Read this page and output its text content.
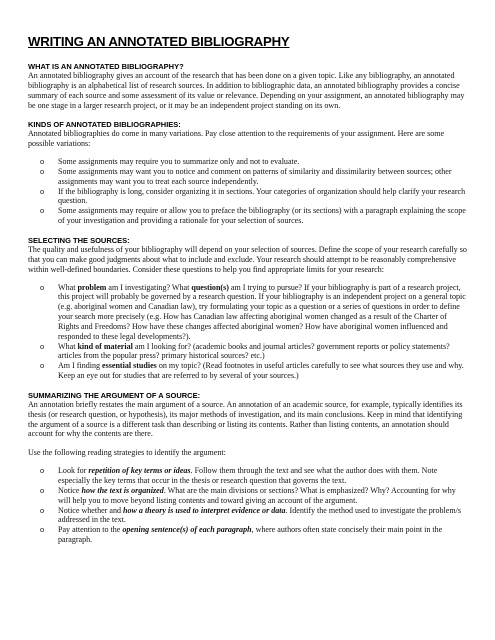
WRITING AN ANNOTATED BIBLIOGRAPHY
WHAT IS AN ANNOTATED BIBLIOGRAPHY?

An annotated bibliography gives an account of the research that has been done on a given topic. Like any bibliography, an annotated bibliography is an alphabetical list of research sources. In addition to bibliographic data, an annotated bibliography provides a concise summary of each source and some assessment of its value or relevance. Depending on your assignment, an annotated bibliography may be one stage in a larger research project, or it may be an independent project standing on its own.

KINDS OF ANNOTATED BIBLIOGRAPHIES:

Annotated bibliographies do come in many variations. Pay close attention to the requirements of your assignment. Here are some possible variations:

o Some assignments may require you to summarize only and not to evaluate.
o Some assignments may want you to notice and comment on patterns of similarity and dissimilarity between sources; other assignments may want you to treat each source independently.
o If the bibliography is long, consider organizing it in sections. Your categories of organization should help clarify your research question.
o Some assignments may require or allow you to preface the bibliography (or its sections) with a paragraph explaining the scope of your investigation and providing a rationale for your selection of sources.
SELECTING THE SOURCES:

The quality and usefulness of your bibliography will depend on your selection of sources. Define the scope of your research carefully so that you can make good judgments about what to include and exclude. Your research should attempt to be reasonably comprehensive within well-defined boundaries. Consider these questions to help you find appropriate limits for your research:

o What problem am I investigating? What question(s) am I trying to pursue? If your bibliography is part of a research project, this project will probably be governed by a research question. If your bibliography is an independent project on a general topic (e.g. aboriginal women and Canadian law), try formulating your topic as a question or a series of questions in order to define your search more precisely (e.g. How has Canadian law affecting aboriginal women changed as a result of the Charter of Rights and Freedoms? How have these changes affected aboriginal women? How have aboriginal women influenced and responded to these legal developments?).
o What kind of material am I looking for? (academic books and journal articles? government reports or policy statements? articles from the popular press? primary historical sources? etc.)
o Am I finding essential studies on my topic? (Read footnotes in useful articles carefully to see what sources they use and why. Keep an eye out for studies that are referred to by several of your sources.)
SUMMARIZING THE ARGUMENT OF A SOURCE:

An annotation briefly restates the main argument of a source. An annotation of an academic source, for example, typically identifies its thesis (or research question, or hypothesis), its major methods of investigation, and its main conclusions. Keep in mind that identifying the argument of a source is a different task than describing or listing its contents. Rather than listing contents, an annotation should account for why the contents are there.

Use the following reading strategies to identify the argument:

o Look for repetition of key terms or ideas. Follow them through the text and see what the author does with them. Note especially the key terms that occur in the thesis or research question that governs the text.
o Notice how the text is organized. What are the main divisions or sections? What is emphasized? Why? Accounting for why will help you to move beyond listing contents and toward giving an account of the argument.
o Notice whether and how a theory is used to interpret evidence or data. Identify the method used to investigate the problem/s addressed in the text.
o Pay attention to the opening sentence(s) of each paragraph, where authors often state concisely their main point in the paragraph.
